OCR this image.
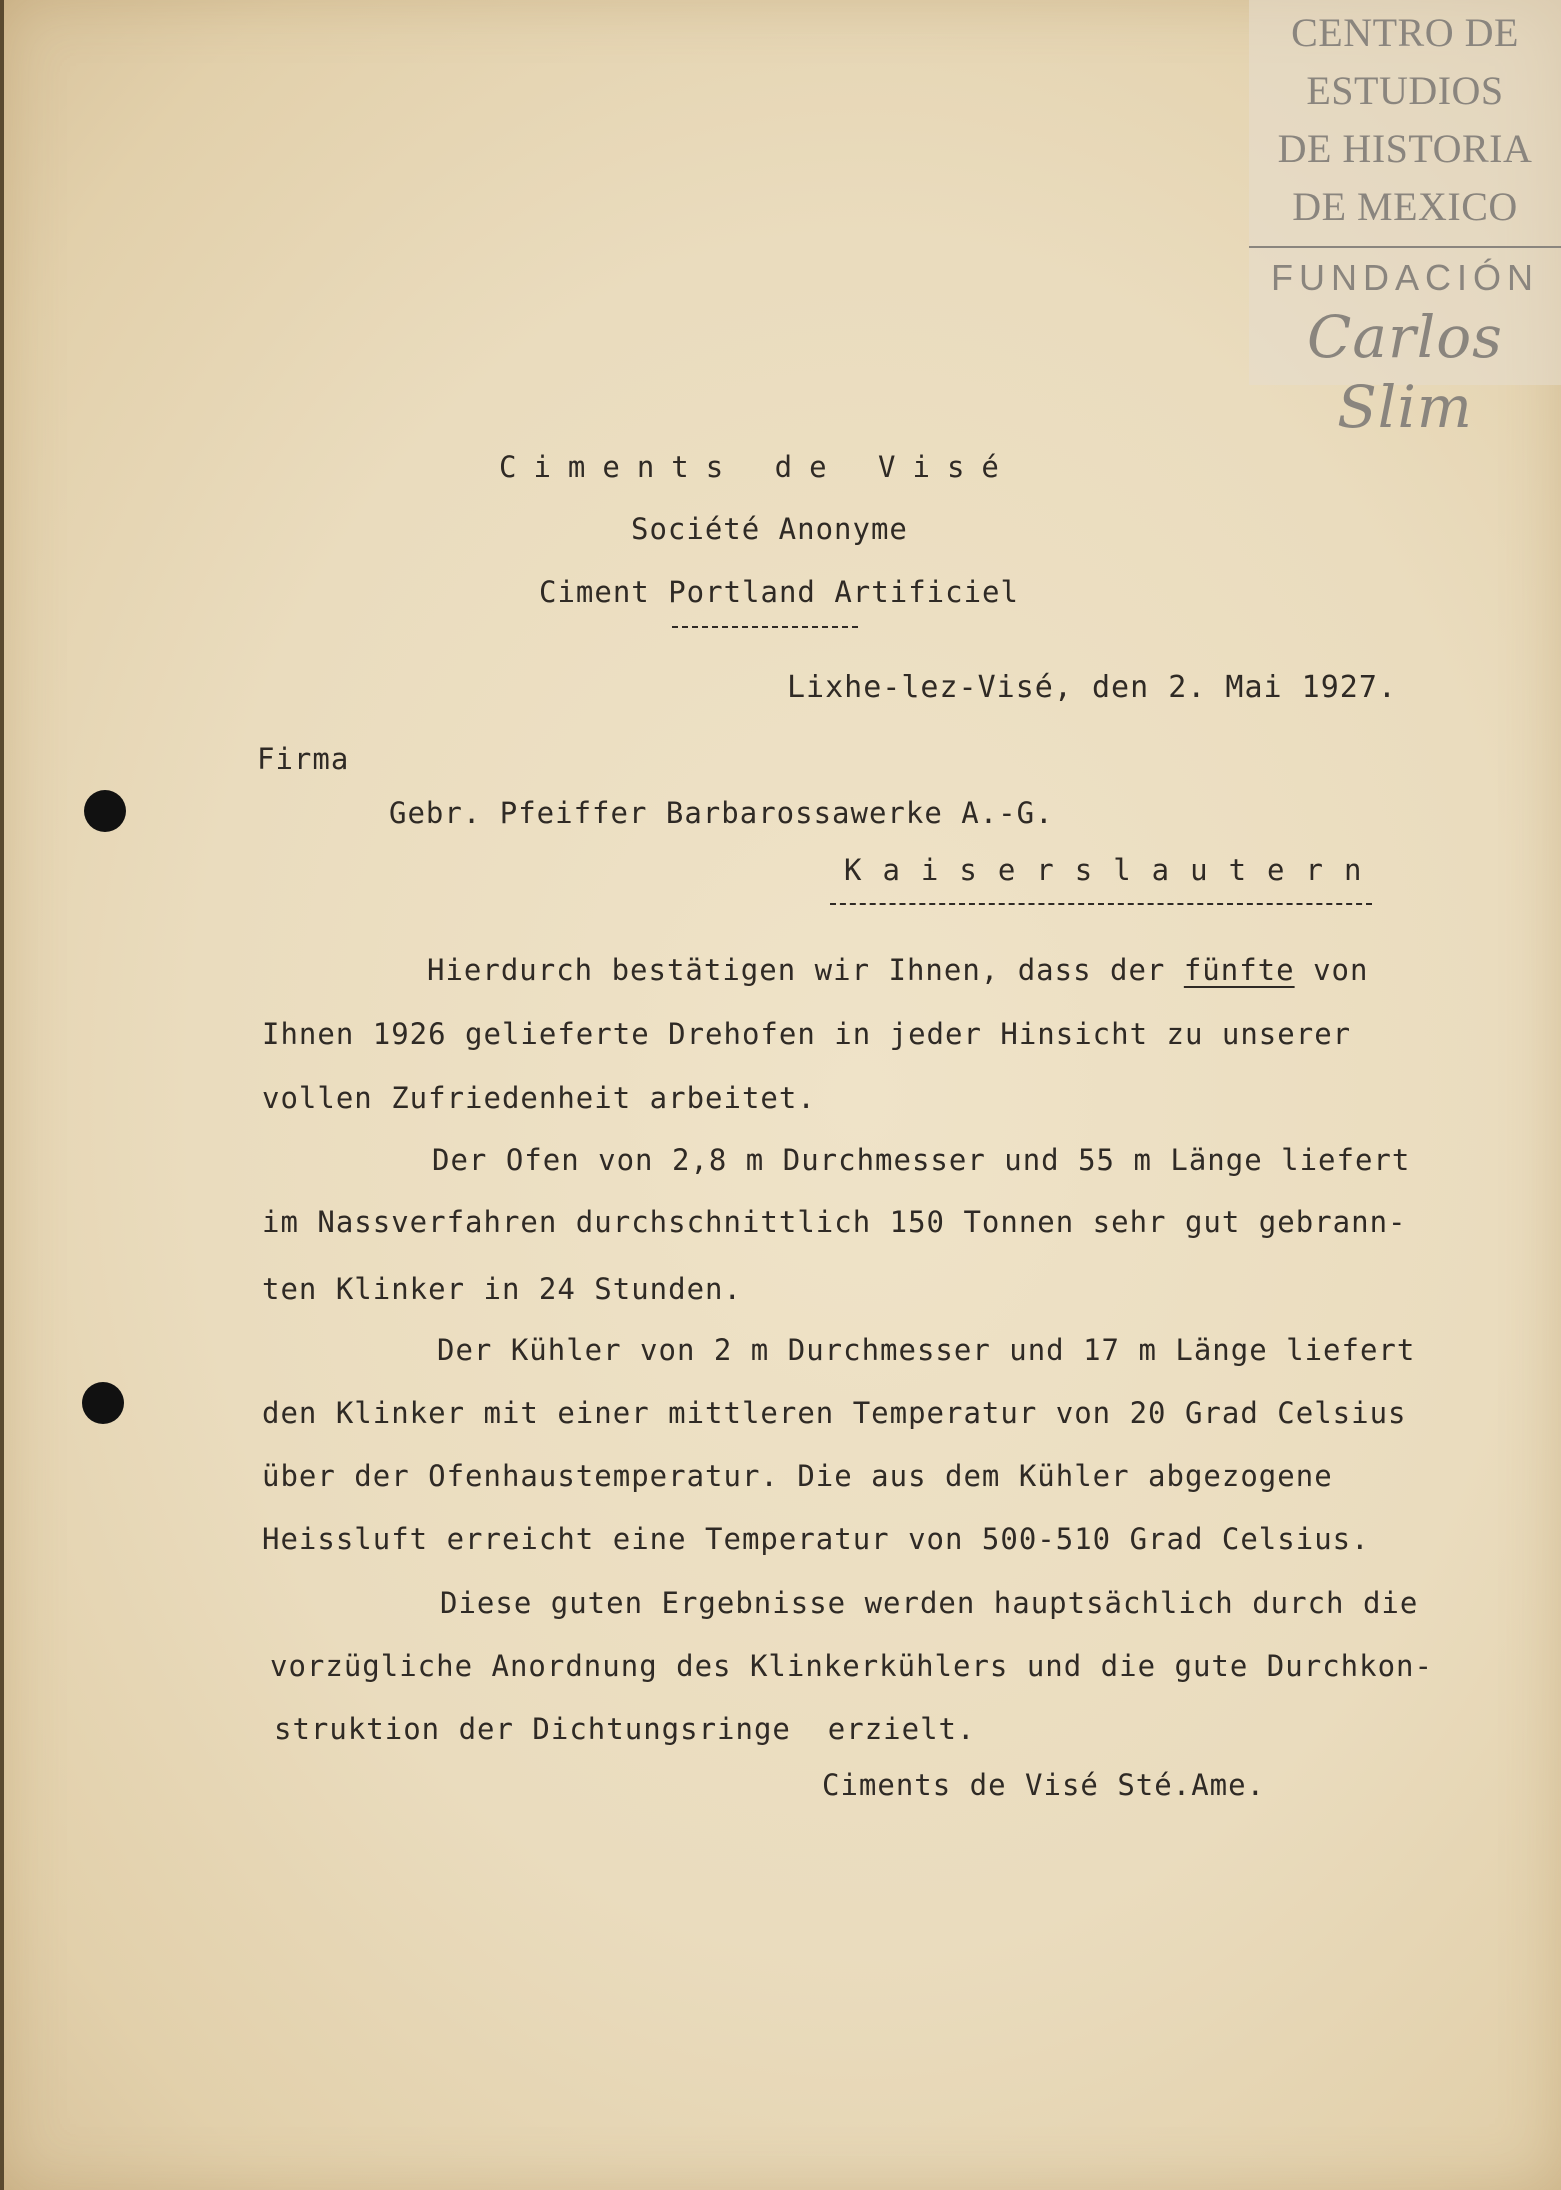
CENTRO DE
ESTUDIOS
DE HISTORIA
DE MEXICO
FUNDACIÓN
Carlos Slim
Ciments de Visé
Société Anonyme
Ciment Portland Artificiel
Lixhe-lez-Visé, den 2. Mai 1927.
Firma
Gebr. Pfeiffer Barbarossawerke A.-G.
Kaiserslautern
Hierdurch bestätigen wir Ihnen, dass der fünfte von
Ihnen 1926 gelieferte Drehofen in jeder Hinsicht zu unserer
vollen Zufriedenheit arbeitet.
Der Ofen von 2,8 m Durchmesser und 55 m Länge liefert
im Nassverfahren durchschnittlich 150 Tonnen sehr gut gebrann-
ten Klinker in 24 Stunden.
Der Kühler von 2 m Durchmesser und 17 m Länge liefert
den Klinker mit einer mittleren Temperatur von 20 Grad Celsius
über der Ofenhaustemperatur. Die aus dem Kühler abgezogene
Heissluft erreicht eine Temperatur von 500-510 Grad Celsius.
Diese guten Ergebnisse werden hauptsächlich durch die
vorzügliche Anordnung des Klinkerkühlers und die gute Durchkon-
struktion der Dichtungsringe  erzielt.
Ciments de Visé Sté.Ame.
